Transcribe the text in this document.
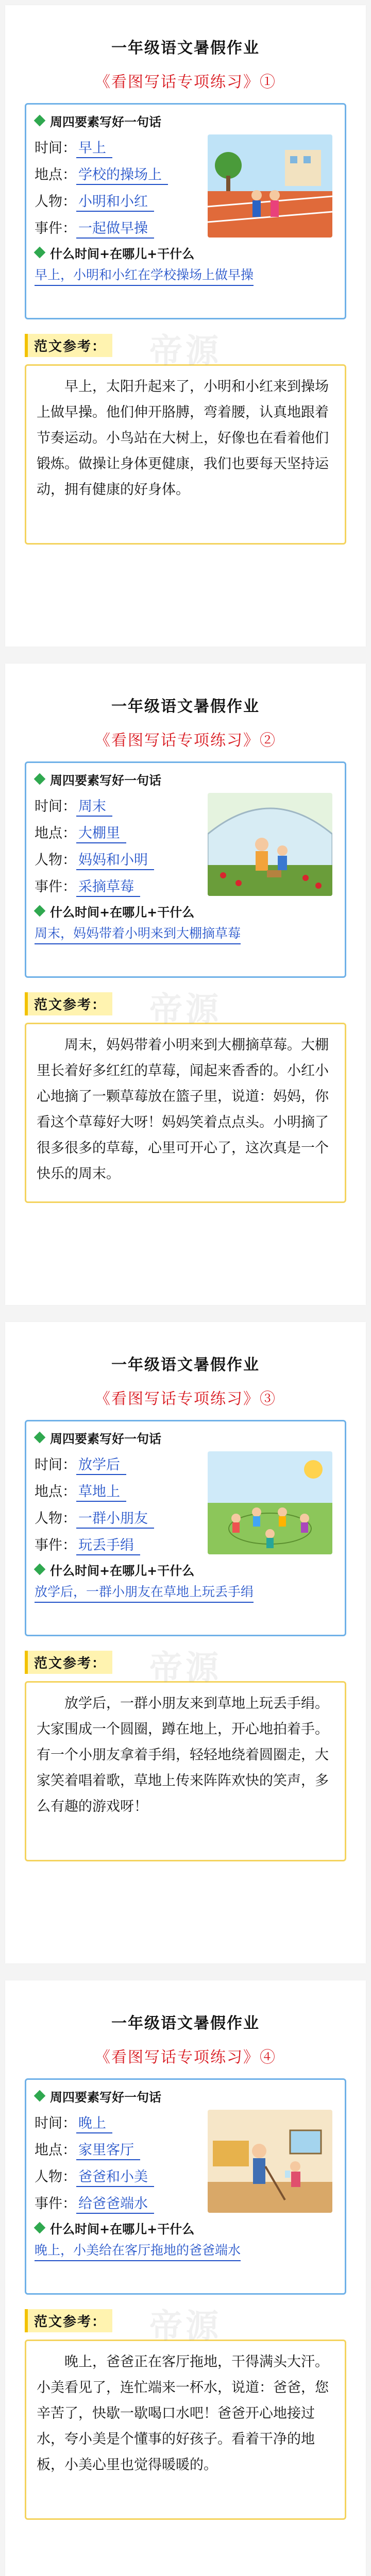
一年级语文暑假作业
《看图写话专项练习》①
周四要素写好一句话
时间： 早上
地点： 学校的操场上
人物： 小明和小红
事件： 一起做早操
什么时间+在哪儿+干什么
早上，小明和小红在学校操场上做早操
范文参考：
早上，太阳升起来了，小明和小红来到操场上做早操。他们伸开胳膊，弯着腰，认真地跟着节奏运动。小鸟站在大树上，好像也在看着他们锻炼。做操让身体更健康，我们也要每天坚持运动，拥有健康的好身体。
帝源
一年级语文暑假作业
《看图写话专项练习》②
周四要素写好一句话
时间： 周末
地点： 大棚里
人物： 妈妈和小明
事件： 采摘草莓
什么时间+在哪儿+干什么
周末，妈妈带着小明来到大棚摘草莓
范文参考：
周末，妈妈带着小明来到大棚摘草莓。大棚里长着好多红红的草莓，闻起来香香的。小红小心地摘了一颗草莓放在篮子里，说道：妈妈，你看这个草莓好大呀！妈妈笑着点点头。小明摘了很多很多的草莓，心里可开心了，这次真是一个快乐的周末。
帝源
一年级语文暑假作业
《看图写话专项练习》③
周四要素写好一句话
时间： 放学后
地点： 草地上
人物： 一群小朋友
事件： 玩丢手绢
什么时间+在哪儿+干什么
放学后，一群小朋友在草地上玩丢手绢
范文参考：
放学后，一群小朋友来到草地上玩丢手绢。大家围成一个圆圈，蹲在地上，开心地拍着手。有一个小朋友拿着手绢，轻轻地绕着圆圈走，大家笑着唱着歌，草地上传来阵阵欢快的笑声，多么有趣的游戏呀！
帝源
一年级语文暑假作业
《看图写话专项练习》④
周四要素写好一句话
时间： 晚上
地点： 家里客厅
人物： 爸爸和小美
事件： 给爸爸端水
什么时间+在哪儿+干什么
晚上，小美给在客厅拖地的爸爸端水
范文参考：
晚上，爸爸正在客厅拖地，干得满头大汗。小美看见了，连忙端来一杯水，说道：爸爸，您辛苦了，快歇一歇喝口水吧！爸爸开心地接过水，夸小美是个懂事的好孩子。看着干净的地板，小美心里也觉得暖暖的。
帝源
